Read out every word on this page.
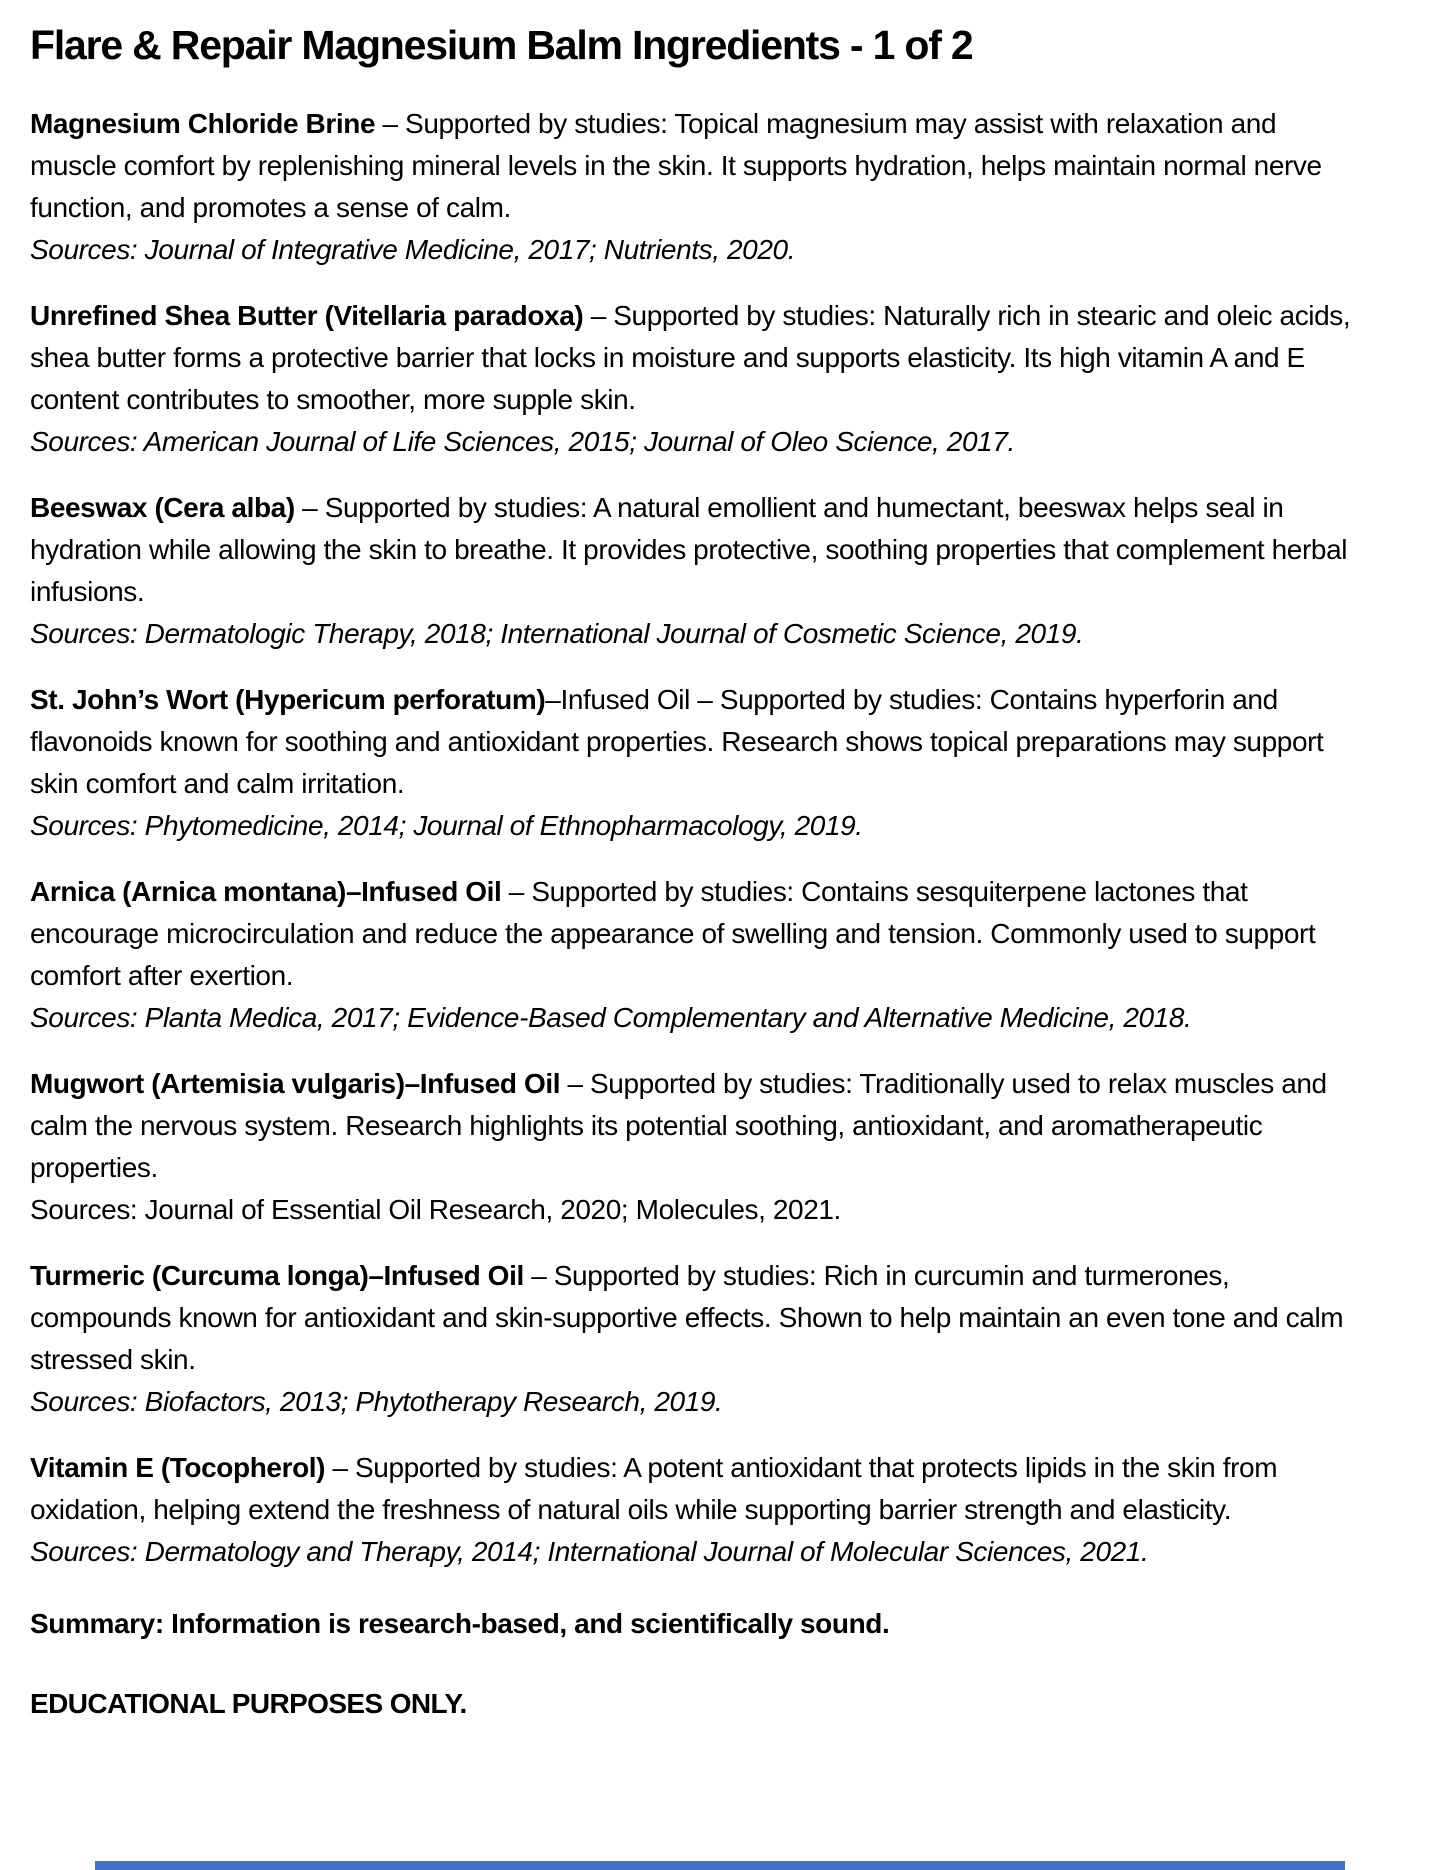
Flare & Repair Magnesium Balm Ingredients - 1 of 2

Magnesium Chloride Brine – Supported by studies: Topical magnesium may assist with relaxation and muscle comfort by replenishing mineral levels in the skin. It supports hydration, helps maintain normal nerve function, and promotes a sense of calm.

Sources: Journal of Integrative Medicine, 2017; Nutrients, 2020.

Unrefined Shea Butter (Vitellaria paradoxa) – Supported by studies: Naturally rich in stearic and oleic acids, shea butter forms a protective barrier that locks in moisture and supports elasticity. Its high vitamin A and E content contributes to smoother, more supple skin.

Sources: American Journal of Life Sciences, 2015; Journal of Oleo Science, 2017.

Beeswax (Cera alba) – Supported by studies: A natural emollient and humectant, beeswax helps seal in hydration while allowing the skin to breathe. It provides protective, soothing properties that complement herbal infusions.

Sources: Dermatologic Therapy, 2018; International Journal of Cosmetic Science, 2019.

St. John’s Wort (Hypericum perforatum)–Infused Oil – Supported by studies: Contains hyperforin and flavonoids known for soothing and antioxidant properties. Research shows topical preparations may support skin comfort and calm irritation.

Sources: Phytomedicine, 2014; Journal of Ethnopharmacology, 2019.

Arnica (Arnica montana)–Infused Oil – Supported by studies: Contains sesquiterpene lactones that encourage microcirculation and reduce the appearance of swelling and tension. Commonly used to support comfort after exertion.

Sources: Planta Medica, 2017; Evidence-Based Complementary and Alternative Medicine, 2018.

Mugwort (Artemisia vulgaris)–Infused Oil – Supported by studies: Traditionally used to relax muscles and calm the nervous system. Research highlights its potential soothing, antioxidant, and aromatherapeutic properties.

Sources: Journal of Essential Oil Research, 2020; Molecules, 2021.

Turmeric (Curcuma longa)–Infused Oil – Supported by studies: Rich in curcumin and turmerones, compounds known for antioxidant and skin-supportive effects. Shown to help maintain an even tone and calm stressed skin.

Sources: Biofactors, 2013; Phytotherapy Research, 2019.

Vitamin E (Tocopherol) – Supported by studies: A potent antioxidant that protects lipids in the skin from oxidation, helping extend the freshness of natural oils while supporting barrier strength and elasticity.

Sources: Dermatology and Therapy, 2014; International Journal of Molecular Sciences, 2021.

Summary: Information is research-based, and scientifically sound.

EDUCATIONAL PURPOSES ONLY.
